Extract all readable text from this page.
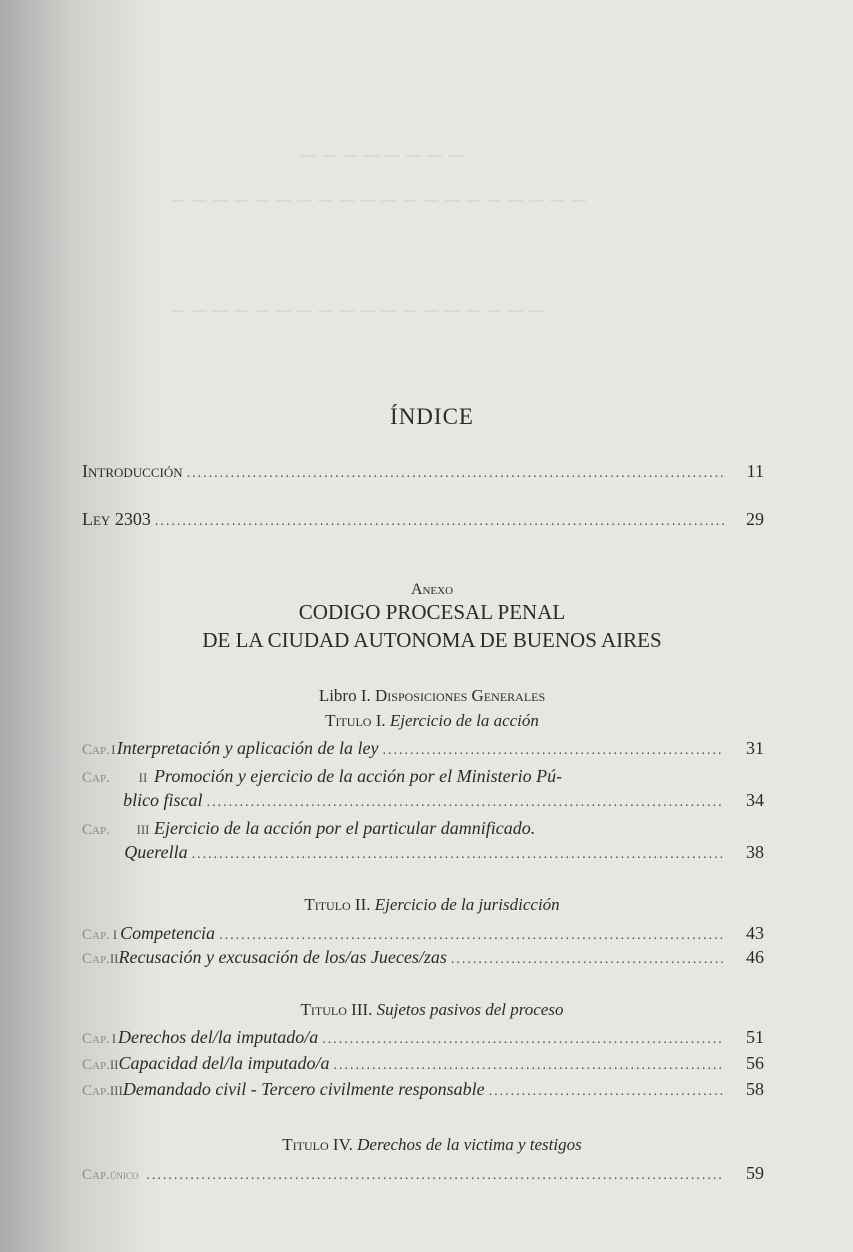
— — — — — — — —
— — — — — — — — — — — — — — — — — — — —
— — — — — — — — — — — — — — — — — —
ÍNDICE
Introducción .....	11
Ley 2303 .....	29
Anexo
CODIGO PROCESAL PENAL
DE LA CIUDAD AUTONOMA DE BUENOS AIRES
Libro I. Disposiciones Generales
Titulo I. Ejercicio de la acción
Cap. I Interpretación y aplicación de la ley .....	31
Cap.	II Promoción y ejercicio de la acción por el Ministerio Pú-
blico fiscal .....	34
Cap.	III Ejercicio de la acción por el particular damnificado.
Querella .....	38
Titulo II. Ejercicio de la jurisdicción
Cap. I Competencia .....	43
Cap. II Recusación y excusación de los/as Jueces/zas .....	46
Titulo III. Sujetos pasivos del proceso
Cap. I Derechos del/la imputado/a .....	51
Cap. II Capacidad del/la imputado/a .....	56
Cap. III Demandado civil - Tercero civilmente responsable .....	58
Titulo IV. Derechos de la victima y testigos
Cap. único .....	59
